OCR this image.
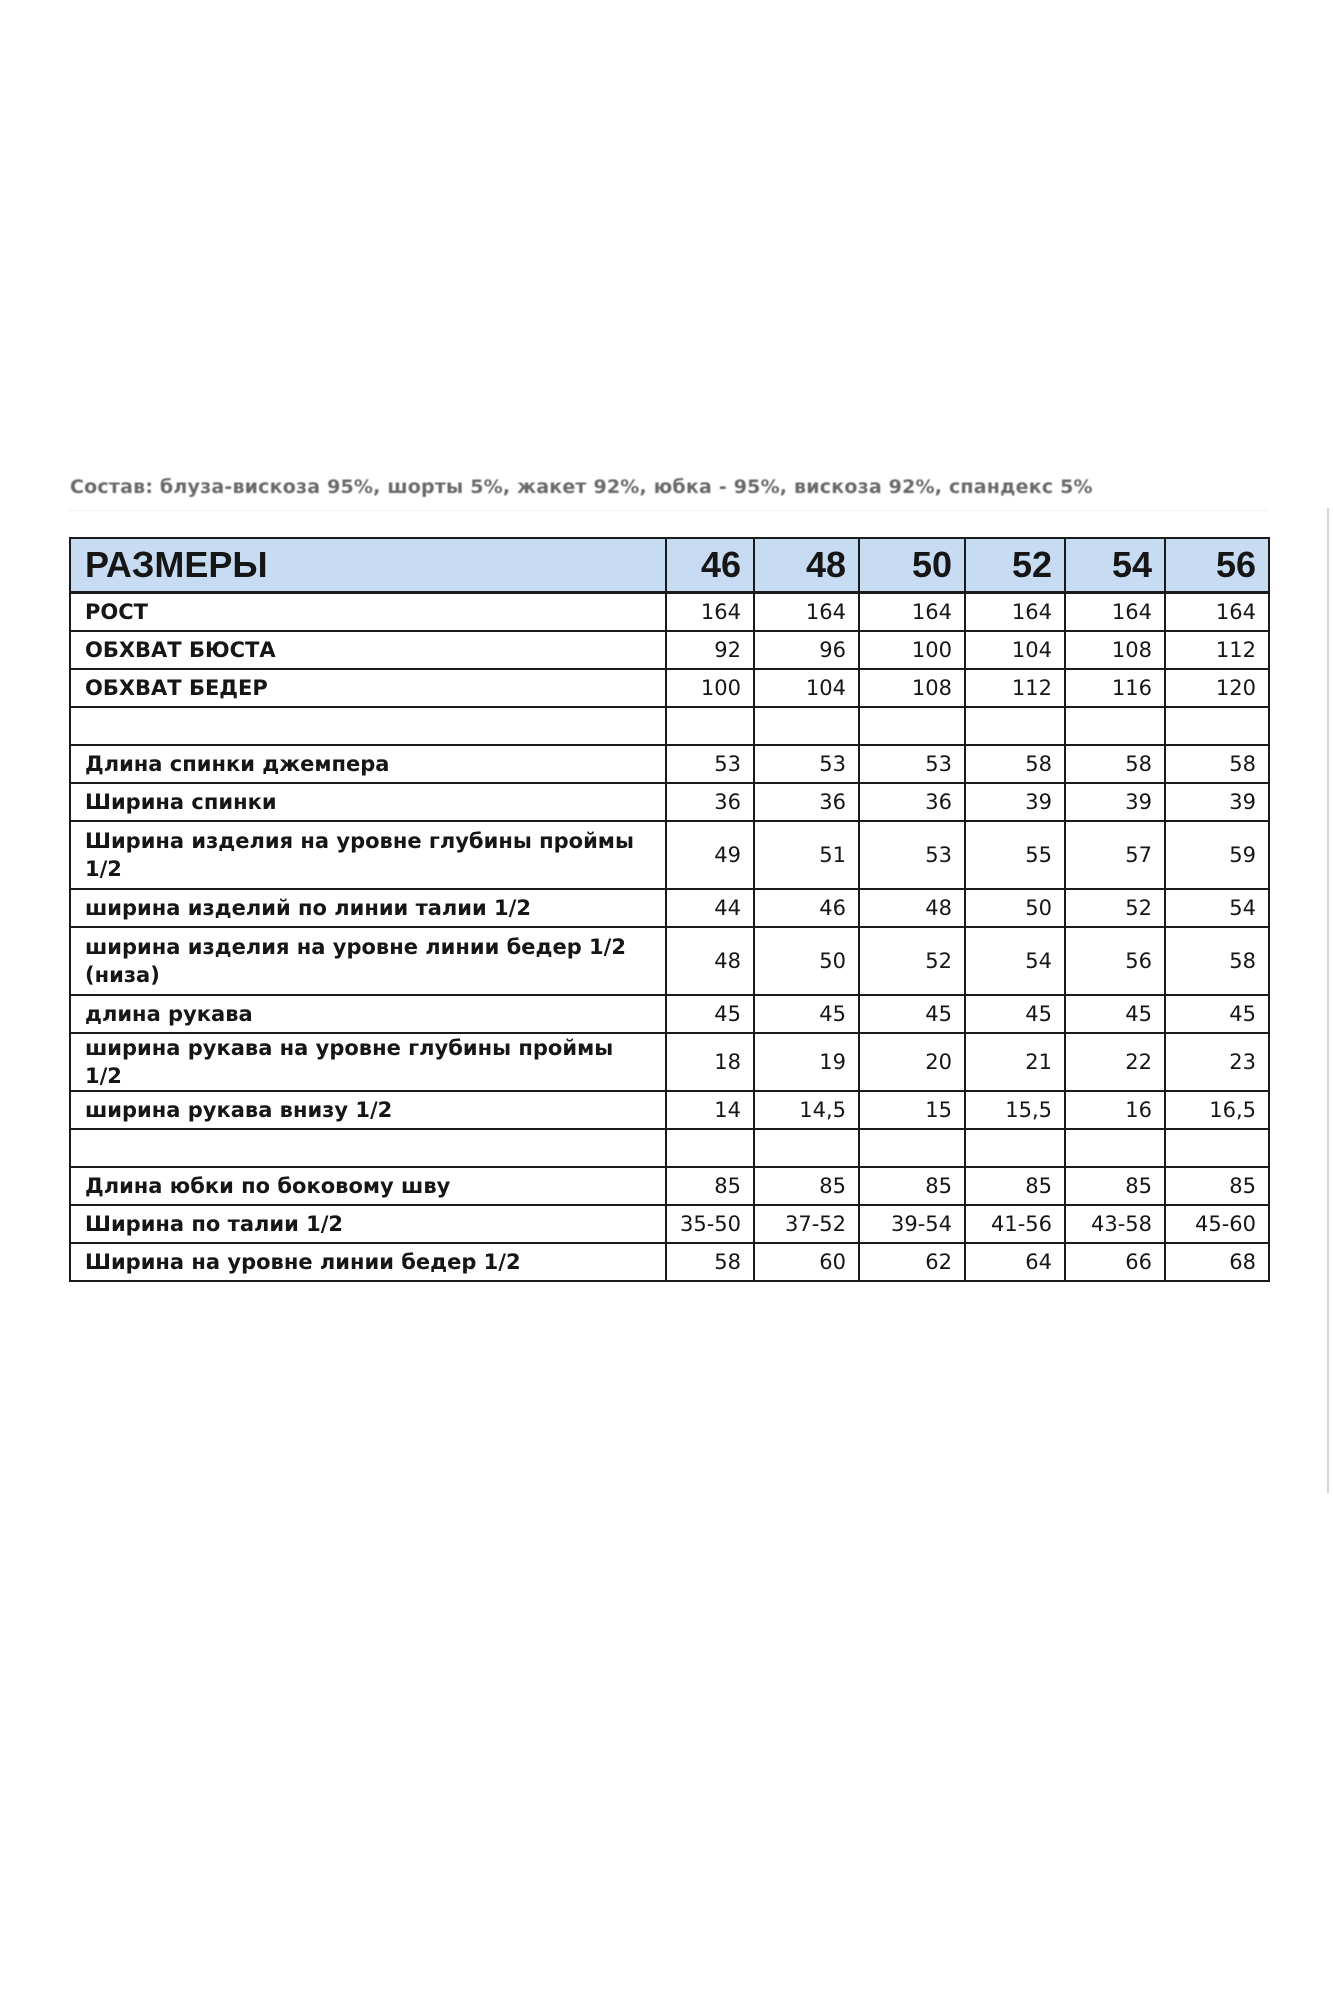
Состав: блуза-вискоза 95%, шорты 5%, жакет 92%, юбка - 95%, вискоза 92%, спандекс 5%
РАЗМЕРЫ	46	48	50	52	54	56
РОСТ	164	164	164	164	164	164
ОБХВАТ БЮСТА	92	96	100	104	108	112
ОБХВАТ БЕДЕР	100	104	108	112	116	120

Длина спинки джемпера	53	53	53	58	58	58
Ширина спинки	36	36	36	39	39	39
Ширина изделия на уровне глубины проймы 1/2	49	51	53	55	57	59
ширина изделий по линии талии 1/2	44	46	48	50	52	54
ширина изделия на уровне линии бедер 1/2 (низа)	48	50	52	54	56	58
длина рукава	45	45	45	45	45	45
ширина рукава на уровне глубины проймы 1/2	18	19	20	21	22	23
ширина рукава внизу 1/2	14	14,5	15	15,5	16	16,5

Длина юбки по боковому шву	85	85	85	85	85	85
Ширина по талии 1/2	35-50	37-52	39-54	41-56	43-58	45-60
Ширина на уровне линии бедер 1/2	58	60	62	64	66	68
